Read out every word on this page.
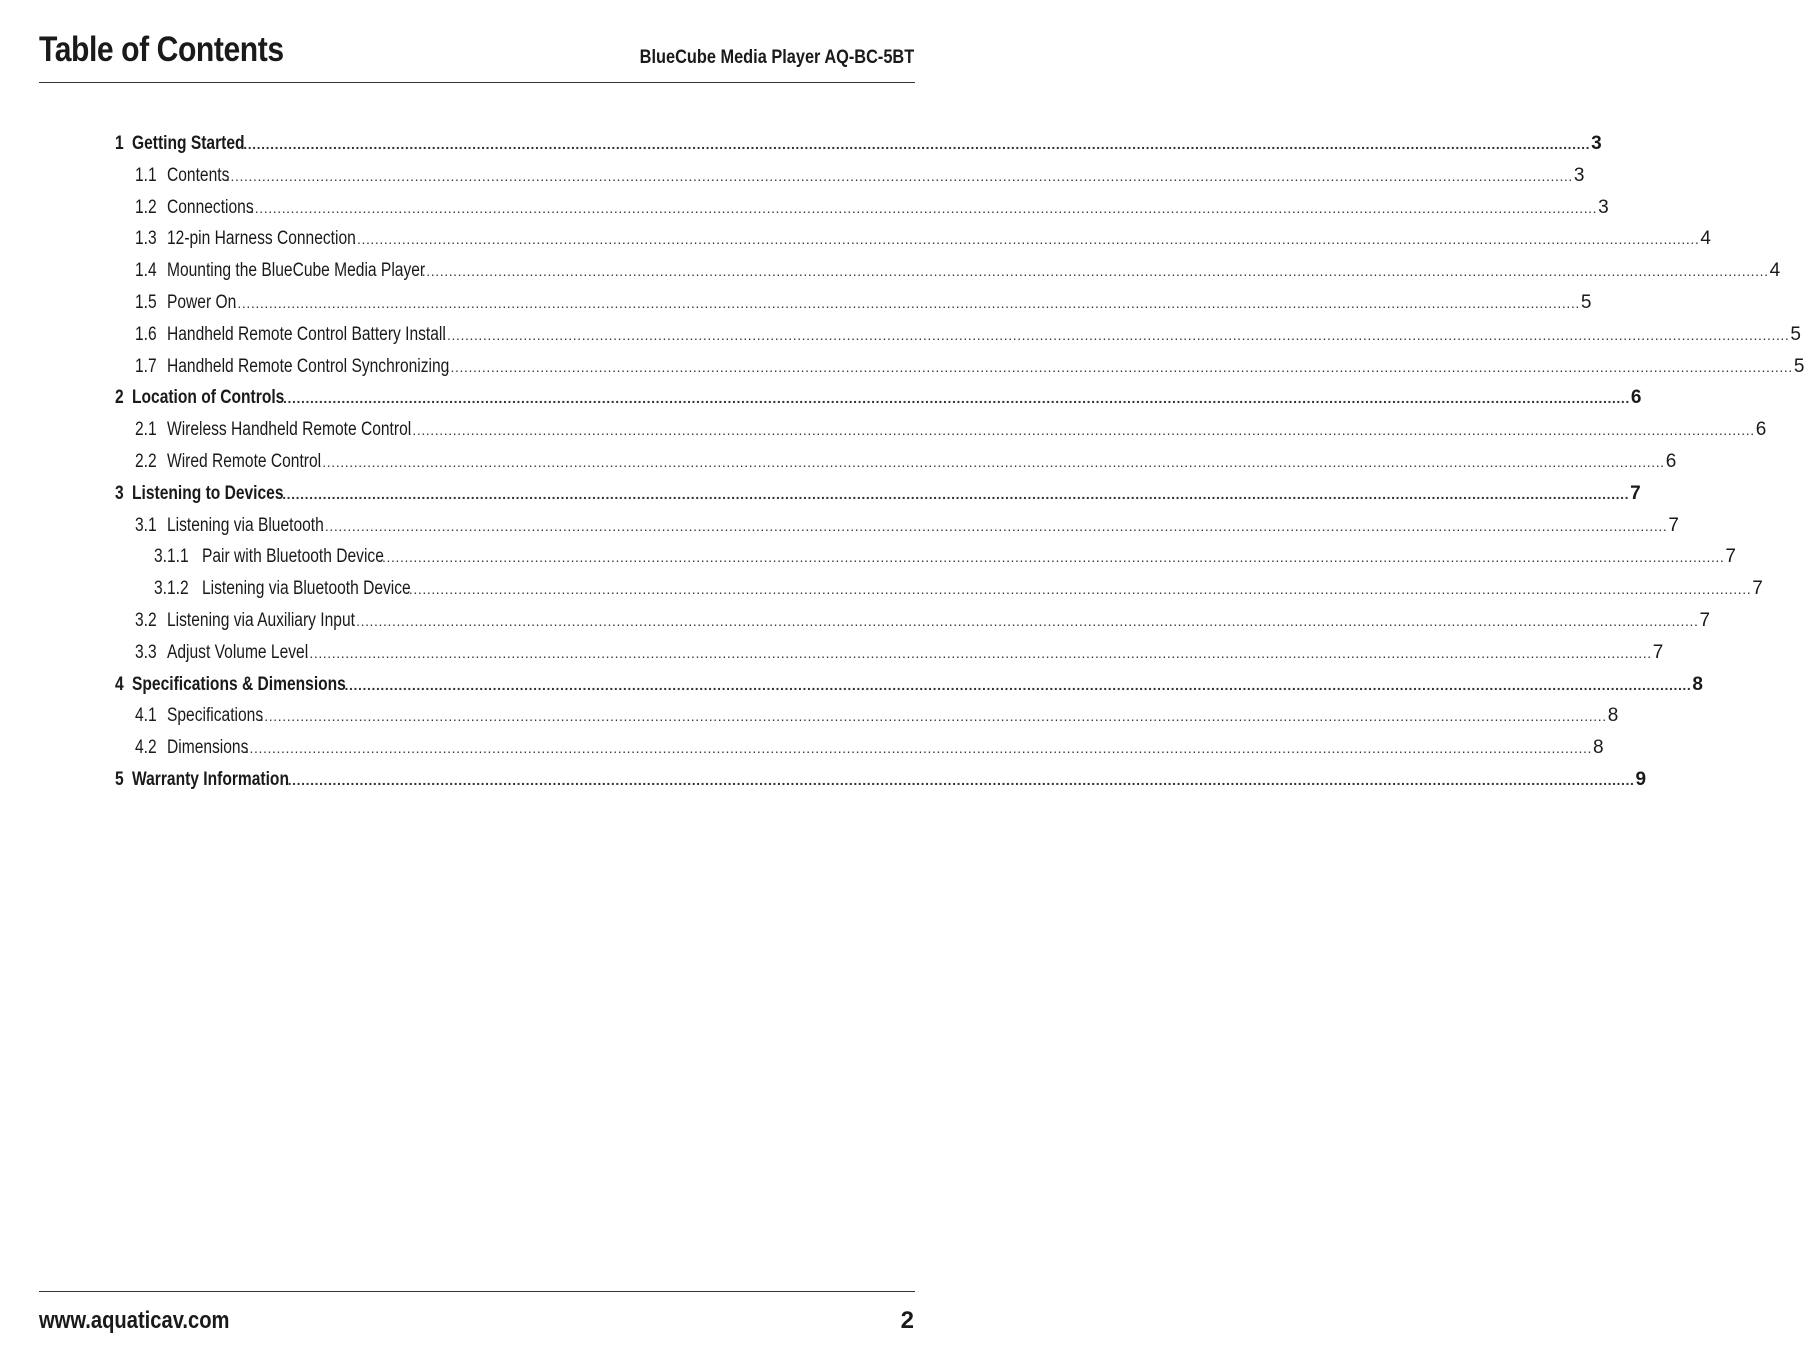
Table of Contents	BlueCube Media Player AQ-BC-5BT
1 Getting Started ............................................................................................................................................................................................................................................................................................................ 3
1.1 Contents
............................................................................................................................................................................................................................................................................................................ 3
1.2 Connections
............................................................................................................................................................................................................................................................................................................ 3
1.3 12-pin Harness Connection
............................................................................................................................................................................................................................................................................................................ 4
1.4 Mounting the BlueCube Media Player
............................................................................................................................................................................................................................................................................................................ 4
1.5 Power On
............................................................................................................................................................................................................................................................................................................ 5
1.6 Handheld Remote Control Battery Install
............................................................................................................................................................................................................................................................................................................ 5
1.7 Handheld Remote Control Synchronizing
............................................................................................................................................................................................................................................................................................................ 5
2 Location of Controls ............................................................................................................................................................................................................................................................................................................ 6
2.1 Wireless Handheld Remote Control
............................................................................................................................................................................................................................................................................................................ 6
2.2 Wired Remote Control
............................................................................................................................................................................................................................................................................................................ 6
3 Listening to Devices ............................................................................................................................................................................................................................................................................................................ 7
3.1 Listening via Bluetooth
............................................................................................................................................................................................................................................................................................................ 7
3.1.1 Pair with Bluetooth Device
............................................................................................................................................................................................................................................................................................................ 7
3.1.2 Listening via Bluetooth Device
............................................................................................................................................................................................................................................................................................................ 7
3.2 Listening via Auxiliary Input
............................................................................................................................................................................................................................................................................................................ 7
3.3 Adjust Volume Level
............................................................................................................................................................................................................................................................................................................ 7
4 Specifications & Dimensions ............................................................................................................................................................................................................................................................................................................ 8
4.1 Specifications
............................................................................................................................................................................................................................................................................................................ 8
4.2 Dimensions
............................................................................................................................................................................................................................................................................................................ 8
5 Warranty Information ............................................................................................................................................................................................................................................................................................................ 9
www.aquaticav.com	2
